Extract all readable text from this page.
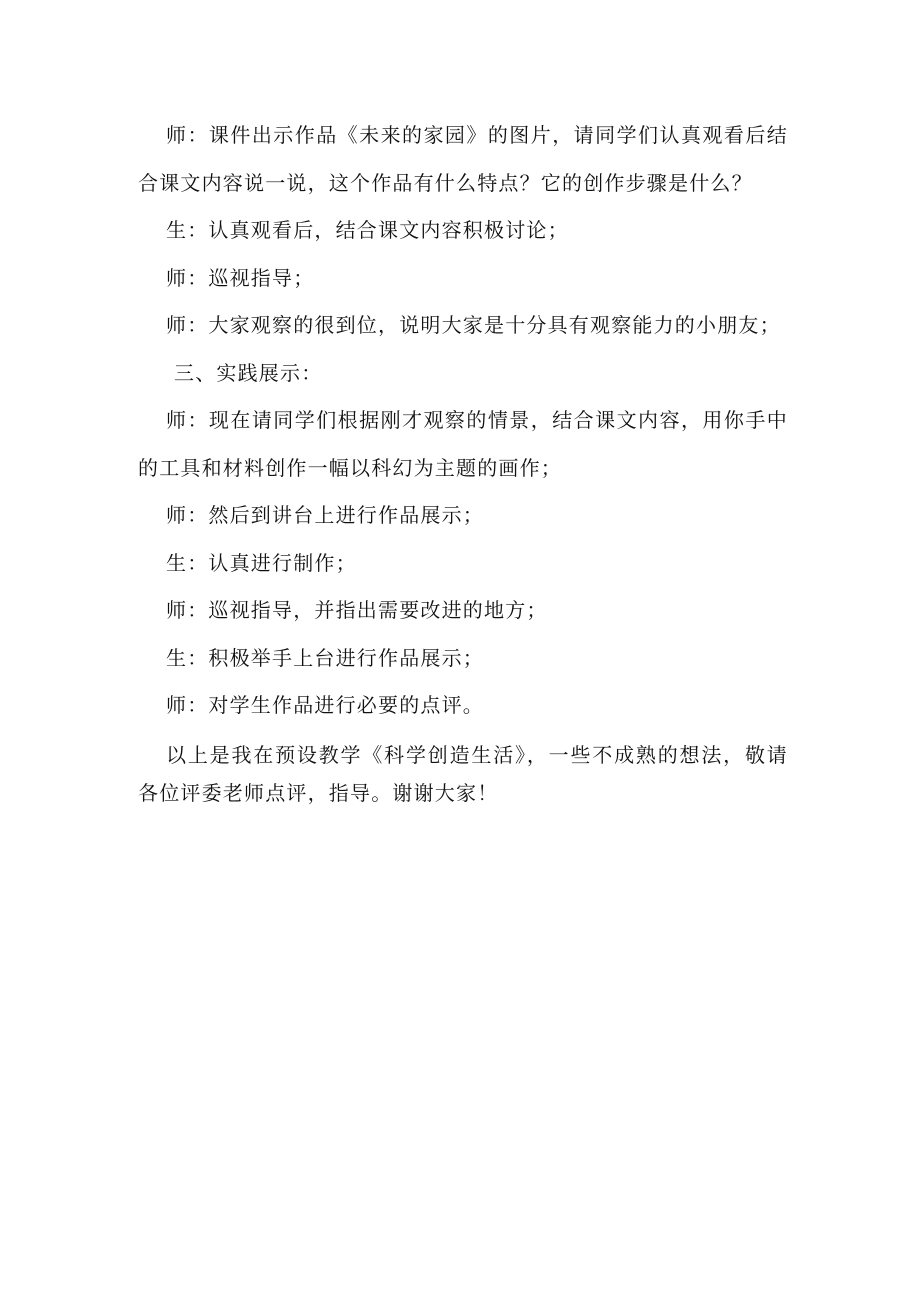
师：课件出示作品《未来的家园》的图片，请同学们认真观看后结合课文内容说一说，这个作品有什么特点？它的创作步骤是什么？

生：认真观看后，结合课文内容积极讨论；

师：巡视指导；

师：大家观察的很到位，说明大家是十分具有观察能力的小朋友；

三、实践展示：

师：现在请同学们根据刚才观察的情景，结合课文内容，用你手中的工具和材料创作一幅以科幻为主题的画作；

师：然后到讲台上进行作品展示；

生：认真进行制作；

师：巡视指导，并指出需要改进的地方；

生：积极举手上台进行作品展示；

师：对学生作品进行必要的点评。

以上是我在预设教学《科学创造生活》，一些不成熟的想法，敬请各位评委老师点评，指导。谢谢大家！
